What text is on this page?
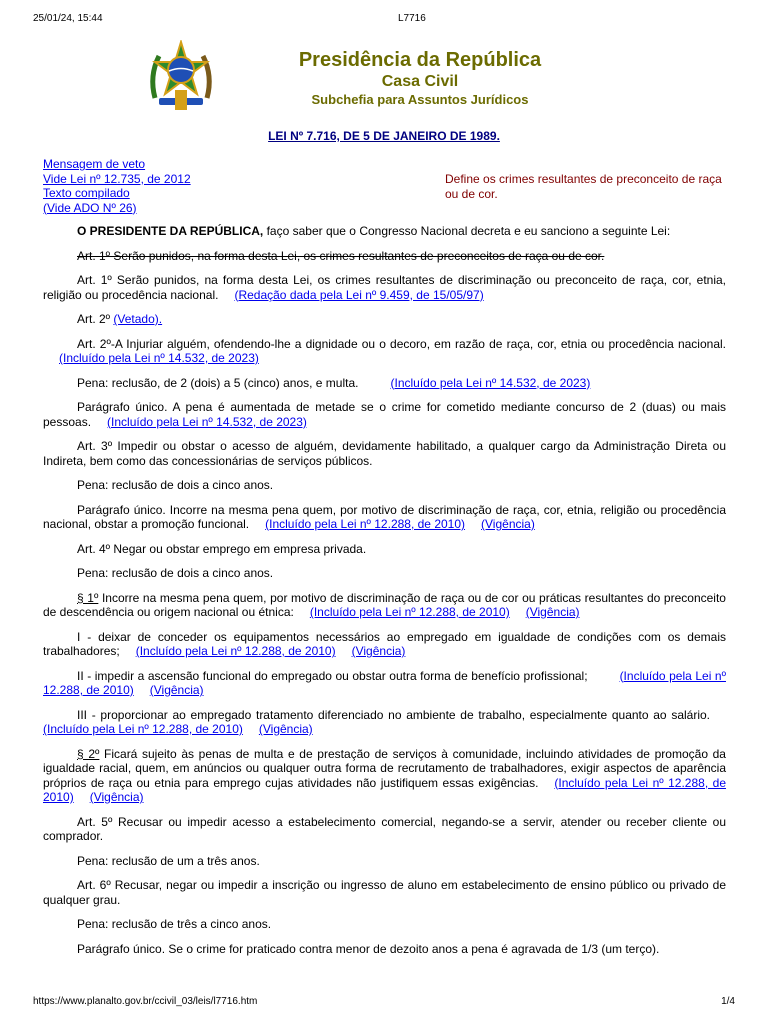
25/01/24, 15:44	L7716
Presidência da República
Casa Civil
Subchefia para Assuntos Jurídicos
LEI Nº 7.716, DE 5 DE JANEIRO DE 1989.
Mensagem de veto
Vide Lei nº 12.735, de 2012
Texto compilado
(Vide ADO Nº 26)
Define os crimes resultantes de preconceito de raça ou de cor.

O PRESIDENTE DA REPÚBLICA, faço saber que o Congresso Nacional decreta e eu sanciono a seguinte Lei:

Art. 1º Serão punidos, na forma desta Lei, os crimes resultantes de preconceitos de raça ou de cor.

Art. 1º Serão punidos, na forma desta Lei, os crimes resultantes de discriminação ou preconceito de raça, cor, etnia, religião ou procedência nacional. (Redação dada pela Lei nº 9.459, de 15/05/97)

Art. 2º (Vetado).

Art. 2º-A Injuriar alguém, ofendendo-lhe a dignidade ou o decoro, em razão de raça, cor, etnia ou procedência nacional.(Incluído pela Lei nº 14.532, de 2023)

Pena: reclusão, de 2 (dois) a 5 (cinco) anos, e multa.	(Incluído pela Lei nº 14.532, de 2023)

Parágrafo único. A pena é aumentada de metade se o crime for cometido mediante concurso de 2 (duas) ou mais pessoas. (Incluído pela Lei nº 14.532, de 2023)

Art. 3º Impedir ou obstar o acesso de alguém, devidamente habilitado, a qualquer cargo da Administração Direta ou Indireta, bem como das concessionárias de serviços públicos.

Pena: reclusão de dois a cinco anos.

Parágrafo único. Incorre na mesma pena quem, por motivo de discriminação de raça, cor, etnia, religião ou procedência nacional, obstar a promoção funcional. (Incluído pela Lei nº 12.288, de 2010) (Vigência)

Art. 4º Negar ou obstar emprego em empresa privada.

Pena: reclusão de dois a cinco anos.

§ 1º Incorre na mesma pena quem, por motivo de discriminação de raça ou de cor ou práticas resultantes do preconceito de descendência ou origem nacional ou étnica: (Incluído pela Lei nº 12.288, de 2010) (Vigência)

I - deixar de conceder os equipamentos necessários ao empregado em igualdade de condições com os demais trabalhadores; (Incluído pela Lei nº 12.288, de 2010) (Vigência)

II - impedir a ascensão funcional do empregado ou obstar outra forma de benefício profissional;	(Incluído pela Lei nº 12.288, de 2010) (Vigência)

III - proporcionar ao empregado tratamento diferenciado no ambiente de trabalho, especialmente quanto ao salário.(Incluído pela Lei nº 12.288, de 2010) (Vigência)

§ 2º Ficará sujeito às penas de multa e de prestação de serviços à comunidade, incluindo atividades de promoção da igualdade racial, quem, em anúncios ou qualquer outra forma de recrutamento de trabalhadores, exigir aspectos de aparência próprios de raça ou etnia para emprego cujas atividades não justifiquem essas exigências. (Incluído pela Lei nº 12.288, de 2010) (Vigência)

Art. 5º Recusar ou impedir acesso a estabelecimento comercial, negando-se a servir, atender ou receber cliente ou comprador.

Pena: reclusão de um a três anos.

Art. 6º Recusar, negar ou impedir a inscrição ou ingresso de aluno em estabelecimento de ensino público ou privado de qualquer grau.

Pena: reclusão de três a cinco anos.

Parágrafo único. Se o crime for praticado contra menor de dezoito anos a pena é agravada de 1/3 (um terço).

https://www.planalto.gov.br/ccivil_03/leis/l7716.htm	1/4
